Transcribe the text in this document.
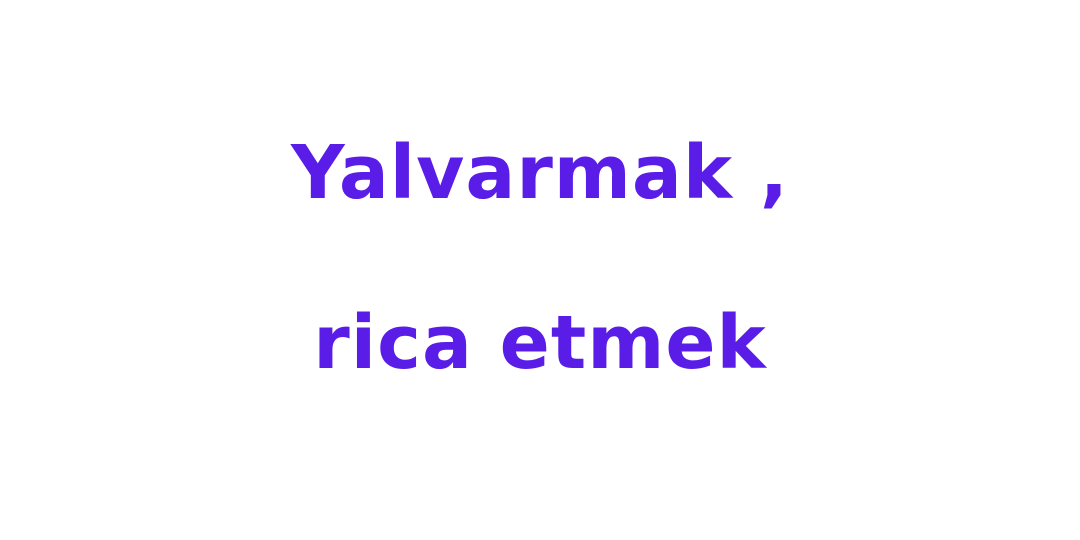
Yalvarmak ,
rica etmek
